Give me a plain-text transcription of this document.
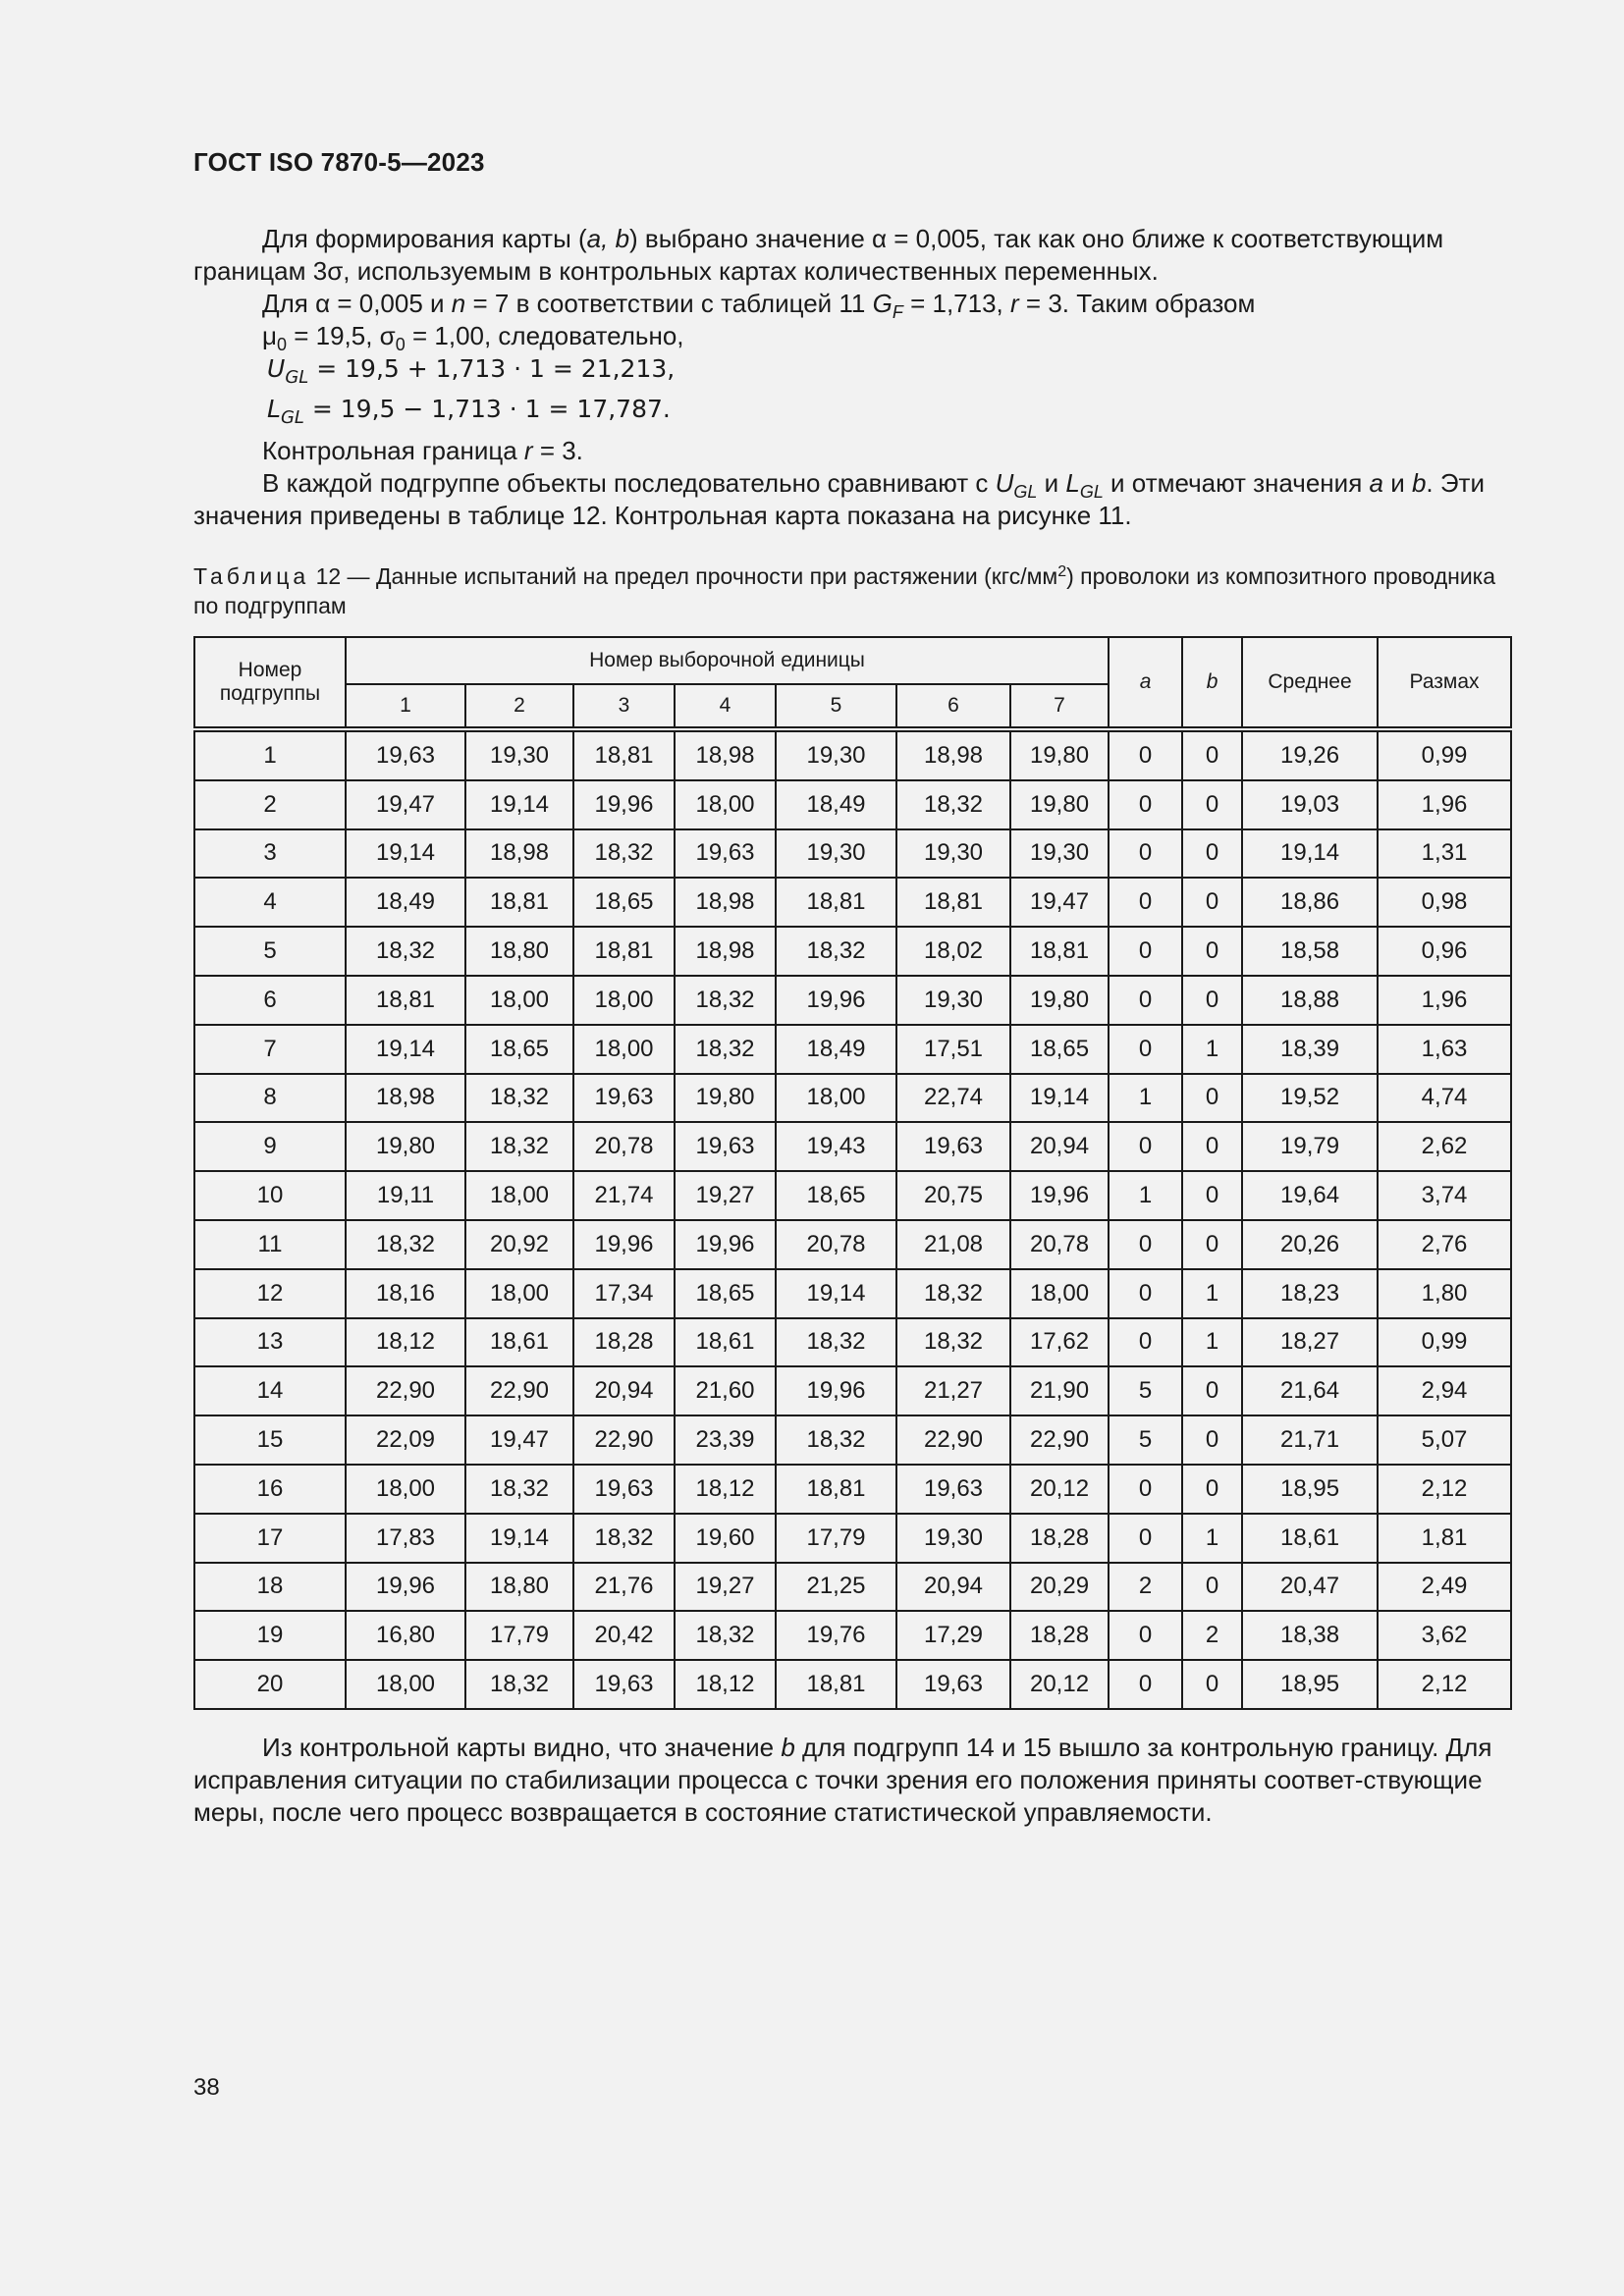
ГОСТ ISO 7870-5—2023

Для формирования карты (a, b) выбрано значение α = 0,005, так как оно ближе к соответствующим границам 3σ, используемым в контрольных картах количественных переменных.

Для α = 0,005 и n = 7 в соответствии с таблицей 11 $G_F = 1,713$, r = 3. Таким образом

$\mu_0 = 19,5$, $\sigma_0 = 1,00$, следовательно,

$U_{GL} = 19,5 + 1,713 \cdot 1 = 21,213$,

$L_{GL} = 19,5 - 1,713 \cdot 1 = 17,787$.

Контрольная граница r = 3.

В каждой подгруппе объекты последовательно сравнивают с $U_{GL}$ и $L_{GL}$ и отмечают значения a и b. Эти значения приведены в таблице 12. Контрольная карта показана на рисунке 11.

Таблица 12 — Данные испытаний на предел прочности при растяжении $(кгс/мм^2)$ проволоки из композитного проводника по подгруппам
Номер подгруппы	Номер выборочной единицы							a	b	Среднее	Размах
	1	2	3	4	5	6	7				
1	19,63	19,30	18,81	18,98	19,30	18,98	19,80	0	0	19,26	0,99
2	19,47	19,14	19,96	18,00	18,49	18,32	19,80	0	0	19,03	1,96
3	19,14	18,98	18,32	19,63	19,30	19,30	19,30	0	0	19,14	1,31
4	18,49	18,81	18,65	18,98	18,81	18,81	19,47	0	0	18,86	0,98
5	18,32	18,80	18,81	18,98	18,32	18,02	18,81	0	0	18,58	0,96
6	18,81	18,00	18,00	18,32	19,96	19,30	19,80	0	0	18,88	1,96
7	19,14	18,65	18,00	18,32	18,49	17,51	18,65	0	1	18,39	1,63
8	18,98	18,32	19,63	19,80	18,00	22,74	19,14	1	0	19,52	4,74
9	19,80	18,32	20,78	19,63	19,43	19,63	20,94	0	0	19,79	2,62
10	19,11	18,00	21,74	19,27	18,65	20,75	19,96	1	0	19,64	3,74
11	18,32	20,92	19,96	19,96	20,78	21,08	20,78	0	0	20,26	2,76
12	18,16	18,00	17,34	18,65	19,14	18,32	18,00	0	1	18,23	1,80
13	18,12	18,61	18,28	18,61	18,32	18,32	17,62	0	1	18,27	0,99
14	22,90	22,90	20,94	21,60	19,96	21,27	21,90	5	0	21,64	2,94
15	22,09	19,47	22,90	23,39	18,32	22,90	22,90	5	0	21,71	5,07
16	18,00	18,32	19,63	18,12	18,81	19,63	20,12	0	0	18,95	2,12
17	17,83	19,14	18,32	19,60	17,79	19,30	18,28	0	1	18,61	1,81
18	19,96	18,80	21,76	19,27	21,25	20,94	20,29	2	0	20,47	2,49
19	16,80	17,79	20,42	18,32	19,76	17,29	18,28	0	2	18,38	3,62
20	18,00	18,32	19,63	18,12	18,81	19,63	20,12	0	0	18,95	2,12

Из контрольной карты видно, что значение b для подгрупп 14 и 15 вышло за контрольную границу. Для исправления ситуации по стабилизации процесса с точки зрения его положения приняты соответ-ствующие меры, после чего процесс возвращается в состояние статистической управляемости.

38
